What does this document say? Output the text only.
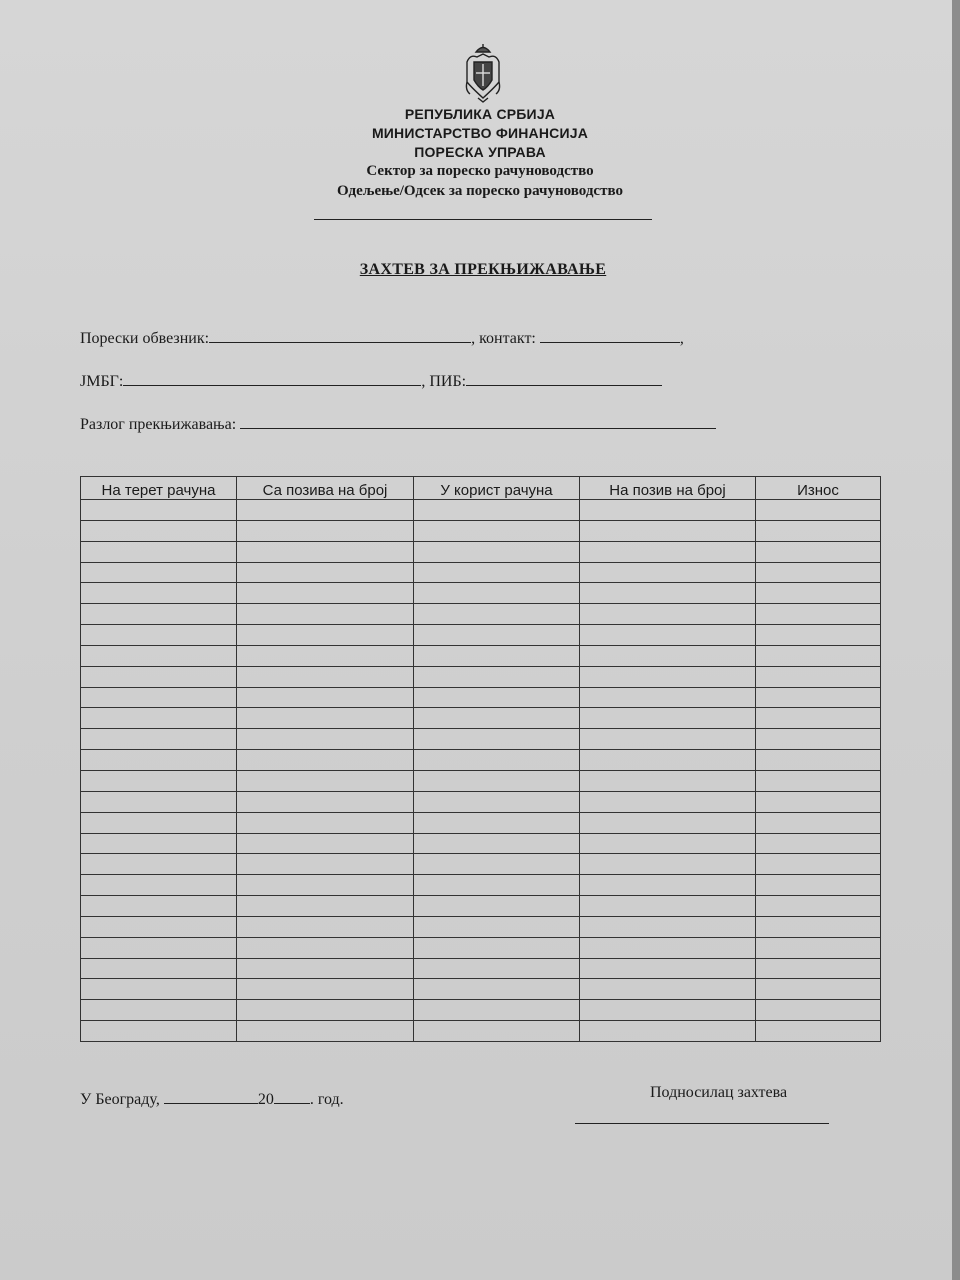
РЕПУБЛИКА СРБИЈА
МИНИСТАРСТВО ФИНАНСИЈА
ПОРЕСКА УПРАВА
Сектор за пореско рачуноводство
Одељење/Одсек за пореско рачуноводство
ЗАХТЕВ ЗА ПРЕКЊИЖАВАЊЕ
Порески обвезник:	, контакт:	,
ЈМБГ:	, ПИБ:
Разлог прекњижавања:
На терет рачуна	Са позива на број	У корист рачуна	На позив на број	Износ

У Београду,	20 . год.	Подносилац захтева
